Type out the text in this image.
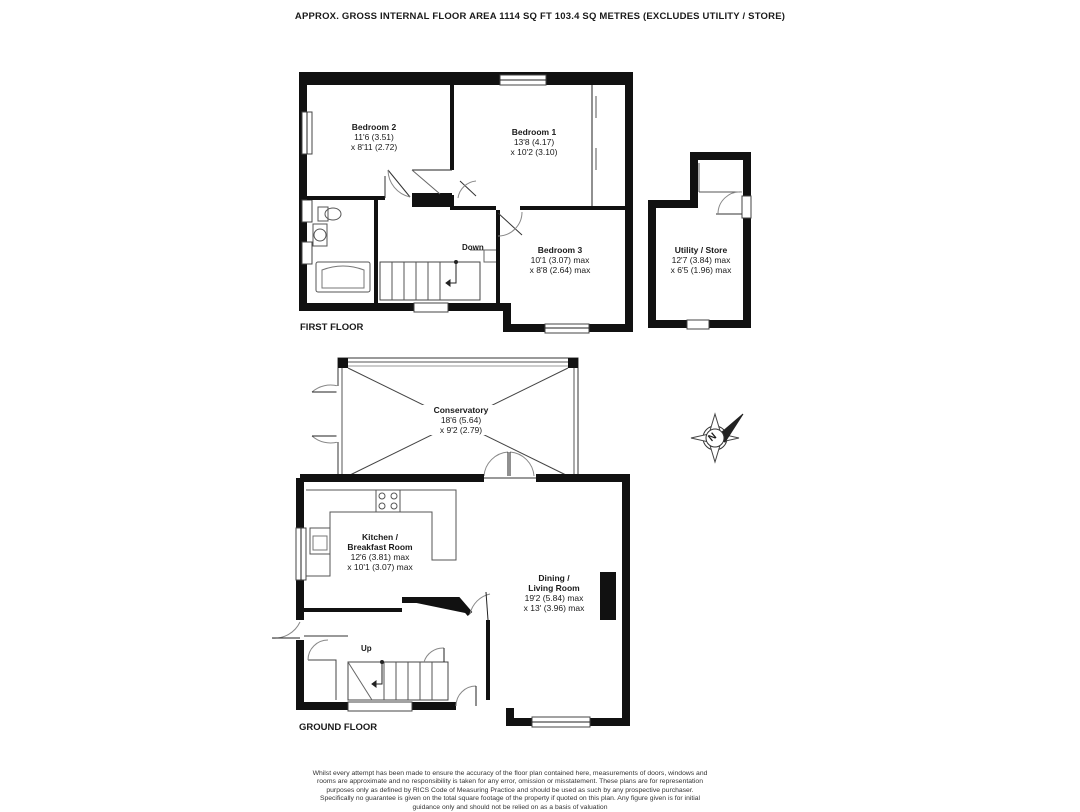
APPROX. GROSS INTERNAL FLOOR AREA 1114 SQ FT 103.4 SQ METRES (EXCLUDES UTILITY / STORE)
FIRST FLOOR
GROUND FLOOR
Bedroom 2
11'6 (3.51)
x 8'11 (2.72)
Bedroom 1
13'8 (4.17)
x 10'2 (3.10)
Bedroom 3
10'1 (3.07) max
x 8'8 (2.64) max
Utility / Store
12'7 (3.84) max
x 6'5 (1.96) max
Conservatory
18'6 (5.64)
x 9'2 (2.79)
Kitchen /
Breakfast Room
12'6 (3.81) max
x 10'1 (3.07) max
Dining /
Living Room
19'2 (5.84) max
x 13' (3.96) max
Down
Up
N
Whilst every attempt has been made to ensure the accuracy of the floor plan contained here, measurements of doors, windows and
rooms are approximate and no responsibility is taken for any error, omission or misstatement. These plans are for representation
purposes only as defined by RICS Code of Measuring Practice and should be used as such by any prospective purchaser.
Specifically no guarantee is given on the total square footage of the property if quoted on this plan. Any figure given is for initial
guidance only and should not be relied on as a basis of valuation
